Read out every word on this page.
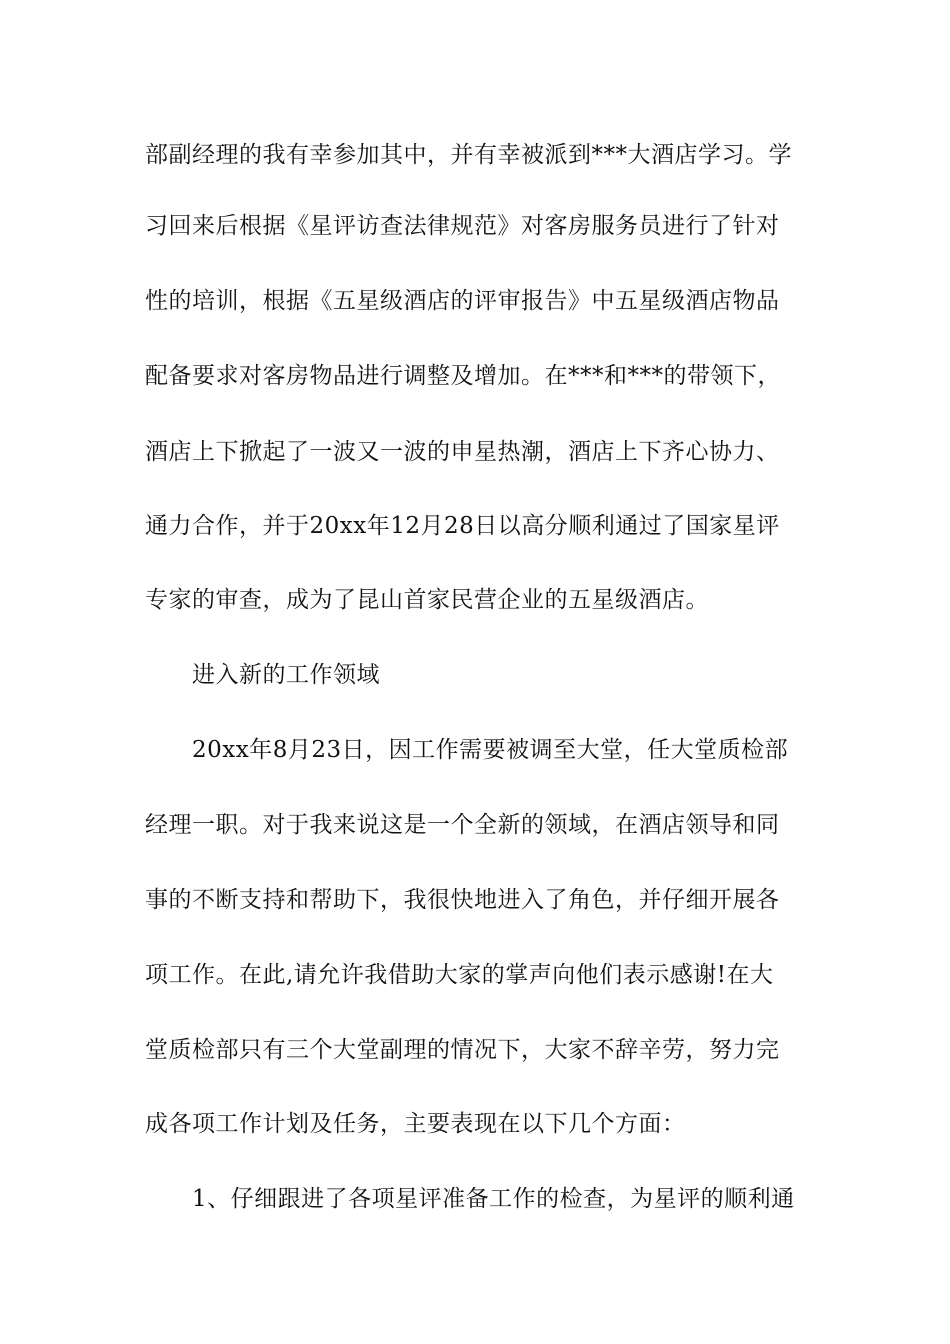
部副经理的我有幸参加其中，并有幸被派到***大酒店学习。学
习回来后根据《星评访查法律规范》对客房服务员进行了针对
性的培训，根据《五星级酒店的评审报告》中五星级酒店物品
配备要求对客房物品进行调整及增加。在***和***的带领下，
酒店上下掀起了一波又一波的申星热潮，酒店上下齐心协力、
通力合作，并于20xx年12月28日以高分顺利通过了国家星评
专家的审查，成为了昆山首家民营企业的五星级酒店。
进入新的工作领域
20xx年8月23日，因工作需要被调至大堂，任大堂质检部
经理一职。对于我来说这是一个全新的领域，在酒店领导和同
事的不断支持和帮助下，我很快地进入了角色，并仔细开展各
项工作。在此,请允许我借助大家的掌声向他们表示感谢!在大
堂质检部只有三个大堂副理的情况下，大家不辞辛劳，努力完
成各项工作计划及任务，主要表现在以下几个方面：
1、仔细跟进了各项星评准备工作的检查，为星评的顺利通
